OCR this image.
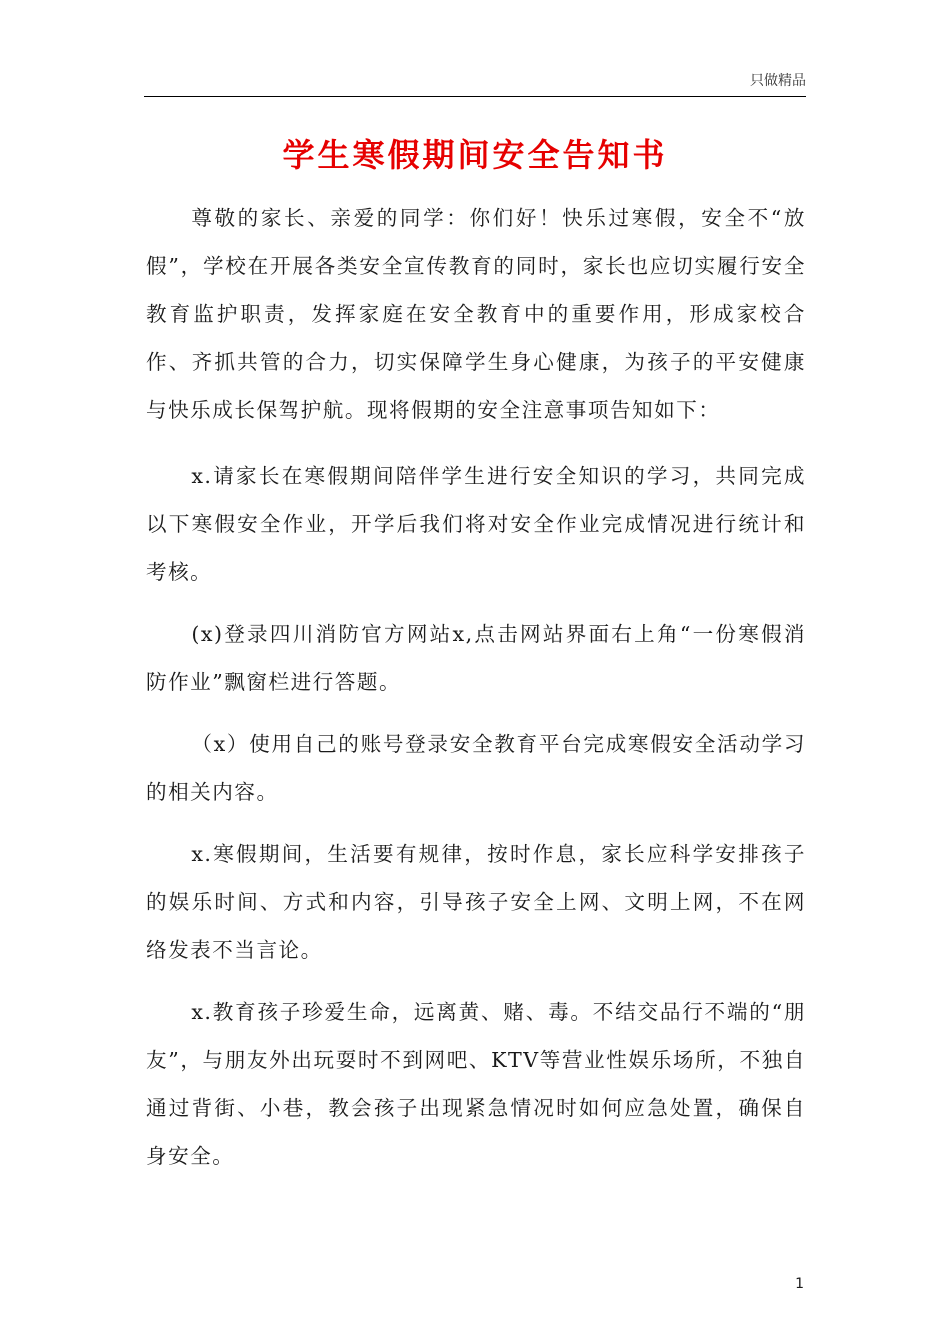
只做精品
学生寒假期间安全告知书

尊敬的家长、亲爱的同学：你们好！快乐过寒假，安全不“放假”，学校在开展各类安全宣传教育的同时，家长也应切实履行安全教育监护职责，发挥家庭在安全教育中的重要作用，形成家校合作、齐抓共管的合力，切实保障学生身心健康，为孩子的平安健康与快乐成长保驾护航。现将假期的安全注意事项告知如下：

x.请家长在寒假期间陪伴学生进行安全知识的学习，共同完成以下寒假安全作业，开学后我们将对安全作业完成情况进行统计和考核。

(x)登录四川消防官方网站x,点击网站界面右上角“一份寒假消防作业”飘窗栏进行答题。

（x）使用自己的账号登录安全教育平台完成寒假安全活动学习的相关内容。

x.寒假期间，生活要有规律，按时作息，家长应科学安排孩子的娱乐时间、方式和内容，引导孩子安全上网、文明上网，不在网络发表不当言论。

x.教育孩子珍爱生命，远离黄、赌、毒。不结交品行不端的“朋友”，与朋友外出玩耍时不到网吧、KTV等营业性娱乐场所，不独自通过背街、小巷，教会孩子出现紧急情况时如何应急处置，确保自身安全。

1
